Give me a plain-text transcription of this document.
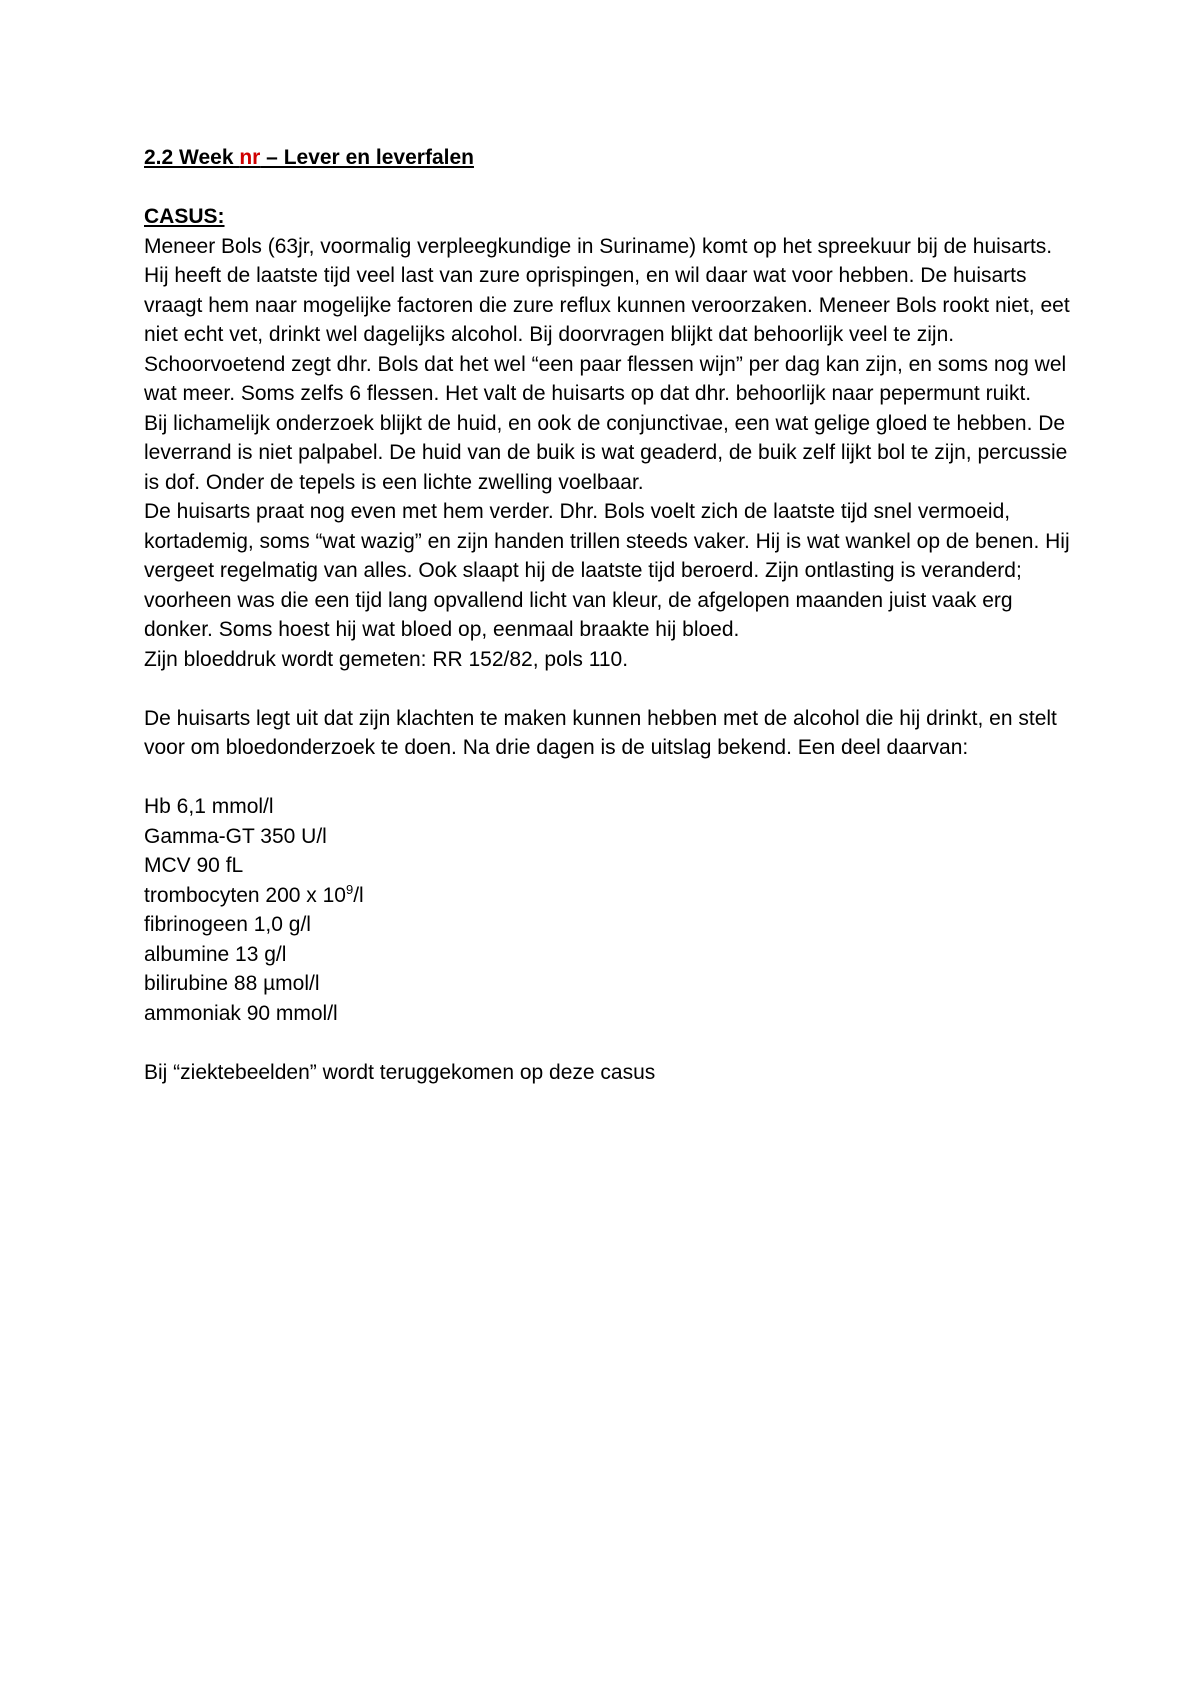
2.2 Week nr – Lever en leverfalen

CASUS:

Meneer Bols (63jr, voormalig verpleegkundige in Suriname) komt op het spreekuur bij de huisarts. Hij heeft de laatste tijd veel last van zure oprispingen, en wil daar wat voor hebben. De huisarts vraagt hem naar mogelijke factoren die zure reflux kunnen veroorzaken. Meneer Bols rookt niet, eet niet echt vet, drinkt wel dagelijks alcohol. Bij doorvragen blijkt dat behoorlijk veel te zijn. Schoorvoetend zegt dhr. Bols dat het wel “een paar flessen wijn” per dag kan zijn, en soms nog wel wat meer. Soms zelfs 6 flessen. Het valt de huisarts op dat dhr. behoorlijk naar pepermunt ruikt.

Bij lichamelijk onderzoek blijkt de huid, en ook de conjunctivae, een wat gelige gloed te hebben. De leverrand is niet palpabel. De huid van de buik is wat geaderd, de buik zelf lijkt bol te zijn, percussie is dof. Onder de tepels is een lichte zwelling voelbaar.

De huisarts praat nog even met hem verder. Dhr. Bols voelt zich de laatste tijd snel vermoeid, kortademig, soms “wat wazig” en zijn handen trillen steeds vaker. Hij is wat wankel op de benen. Hij vergeet regelmatig van alles. Ook slaapt hij de laatste tijd beroerd. Zijn ontlasting is veranderd; voorheen was die een tijd lang opvallend licht van kleur, de afgelopen maanden juist vaak erg donker. Soms hoest hij wat bloed op, eenmaal braakte hij bloed.

Zijn bloeddruk wordt gemeten: RR 152/82, pols 110.

De huisarts legt uit dat zijn klachten te maken kunnen hebben met de alcohol die hij drinkt, en stelt voor om bloedonderzoek te doen. Na drie dagen is de uitslag bekend. Een deel daarvan:

Hb 6,1 mmol/l
Gamma-GT 350 U/l
MCV 90 fL
trombocyten 200 x $10^9/l$
fibrinogeen 1,0 g/l
albumine 13 g/l
bilirubine 88 µmol/l
ammoniak 90 mmol/l

Bij “ziektebeelden” wordt teruggekomen op deze casus
